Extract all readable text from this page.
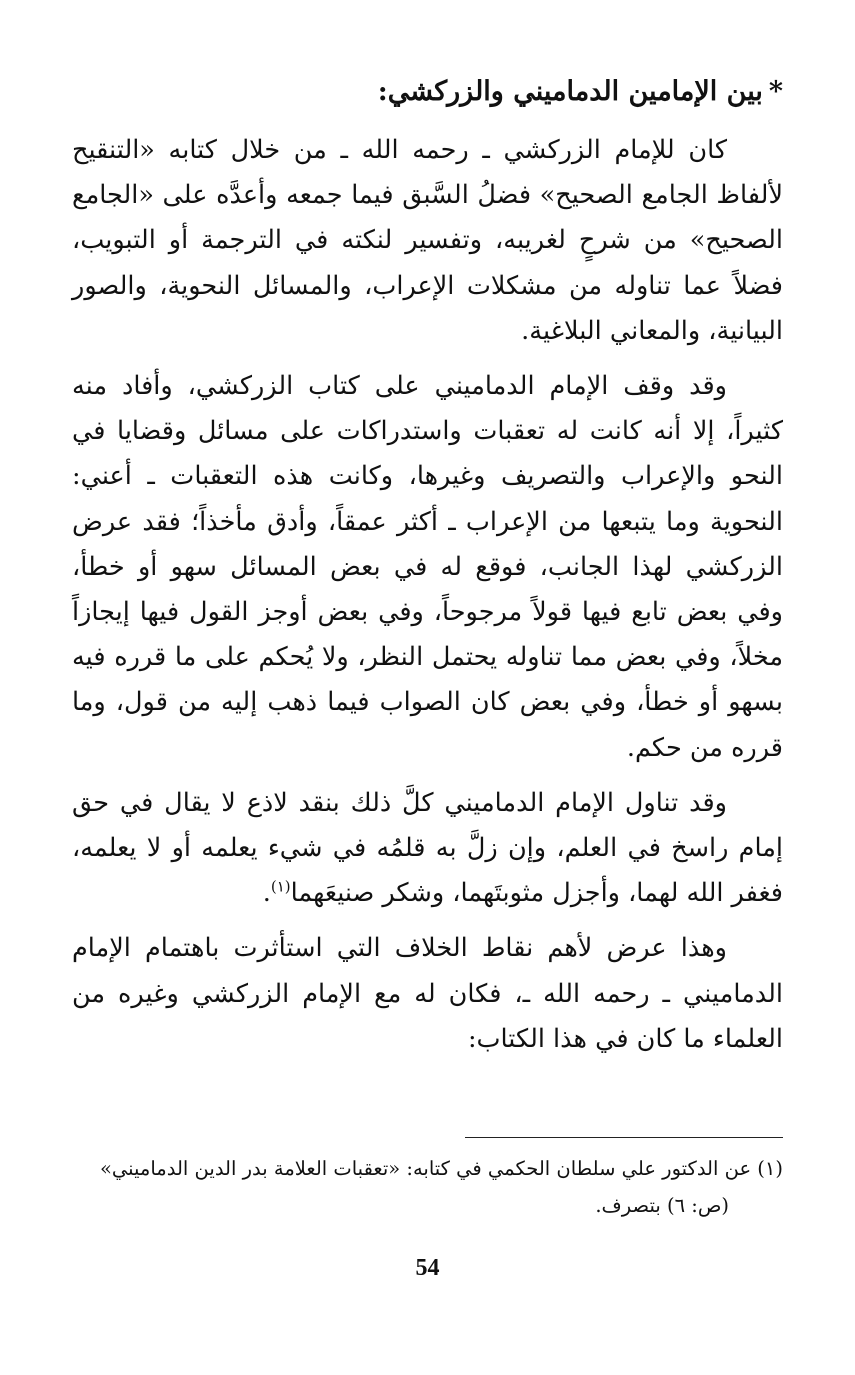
*بين الإمامين الدماميني والزركشي:

كان للإمام الزركشي ـ رحمه الله ـ من خلال كتابه «التنقيح لألفاظ الجامع الصحيح» فضلُ السَّبق فيما جمعه وأعدَّه على «الجامع الصحيح» من شرحٍ لغريبه، وتفسير لنكته في الترجمة أو التبويب، فضلاً عما تناوله من مشكلات الإعراب، والمسائل النحوية، والصور البيانية، والمعاني البلاغية.

وقد وقف الإمام الدماميني على كتاب الزركشي، وأفاد منه كثيراً، إلا أنه كانت له تعقبات واستدراكات على مسائل وقضايا في النحو والإعراب والتصريف وغيرها، وكانت هذه التعقبات ـ أعني: النحوية وما يتبعها من الإعراب ـ أكثر عمقاً، وأدق مأخذاً؛ فقد عرض الزركشي لهذا الجانب، فوقع له في بعض المسائل سهو أو خطأ، وفي بعض تابع فيها قولاً مرجوحاً، وفي بعض أوجز القول فيها إيجازاً مخلاً، وفي بعض مما تناوله يحتمل النظر، ولا يُحكم على ما قرره فيه بسهو أو خطأ، وفي بعض كان الصواب فيما ذهب إليه من قول، وما قرره من حكم.

وقد تناول الإمام الدماميني كلَّ ذلك بنقد لاذع لا يقال في حق إمام راسخ في العلم، وإن زلَّ به قلمُه في شيء يعلمه أو لا يعلمه، فغفر الله لهما، وأجزل مثوبتَهما، وشكر صنيعَهما$^{(١)}$.

وهذا عرض لأهم نقاط الخلاف التي استأثرت باهتمام الإمام الدماميني ـ رحمه الله ـ، فكان له مع الإمام الزركشي وغيره من العلماء ما كان في هذا الكتاب:

(١) عن الدكتور علي سلطان الحكمي في كتابه: «تعقبات العلامة بدر الدين الدماميني»
(ص: ٦) بتصرف.
54
